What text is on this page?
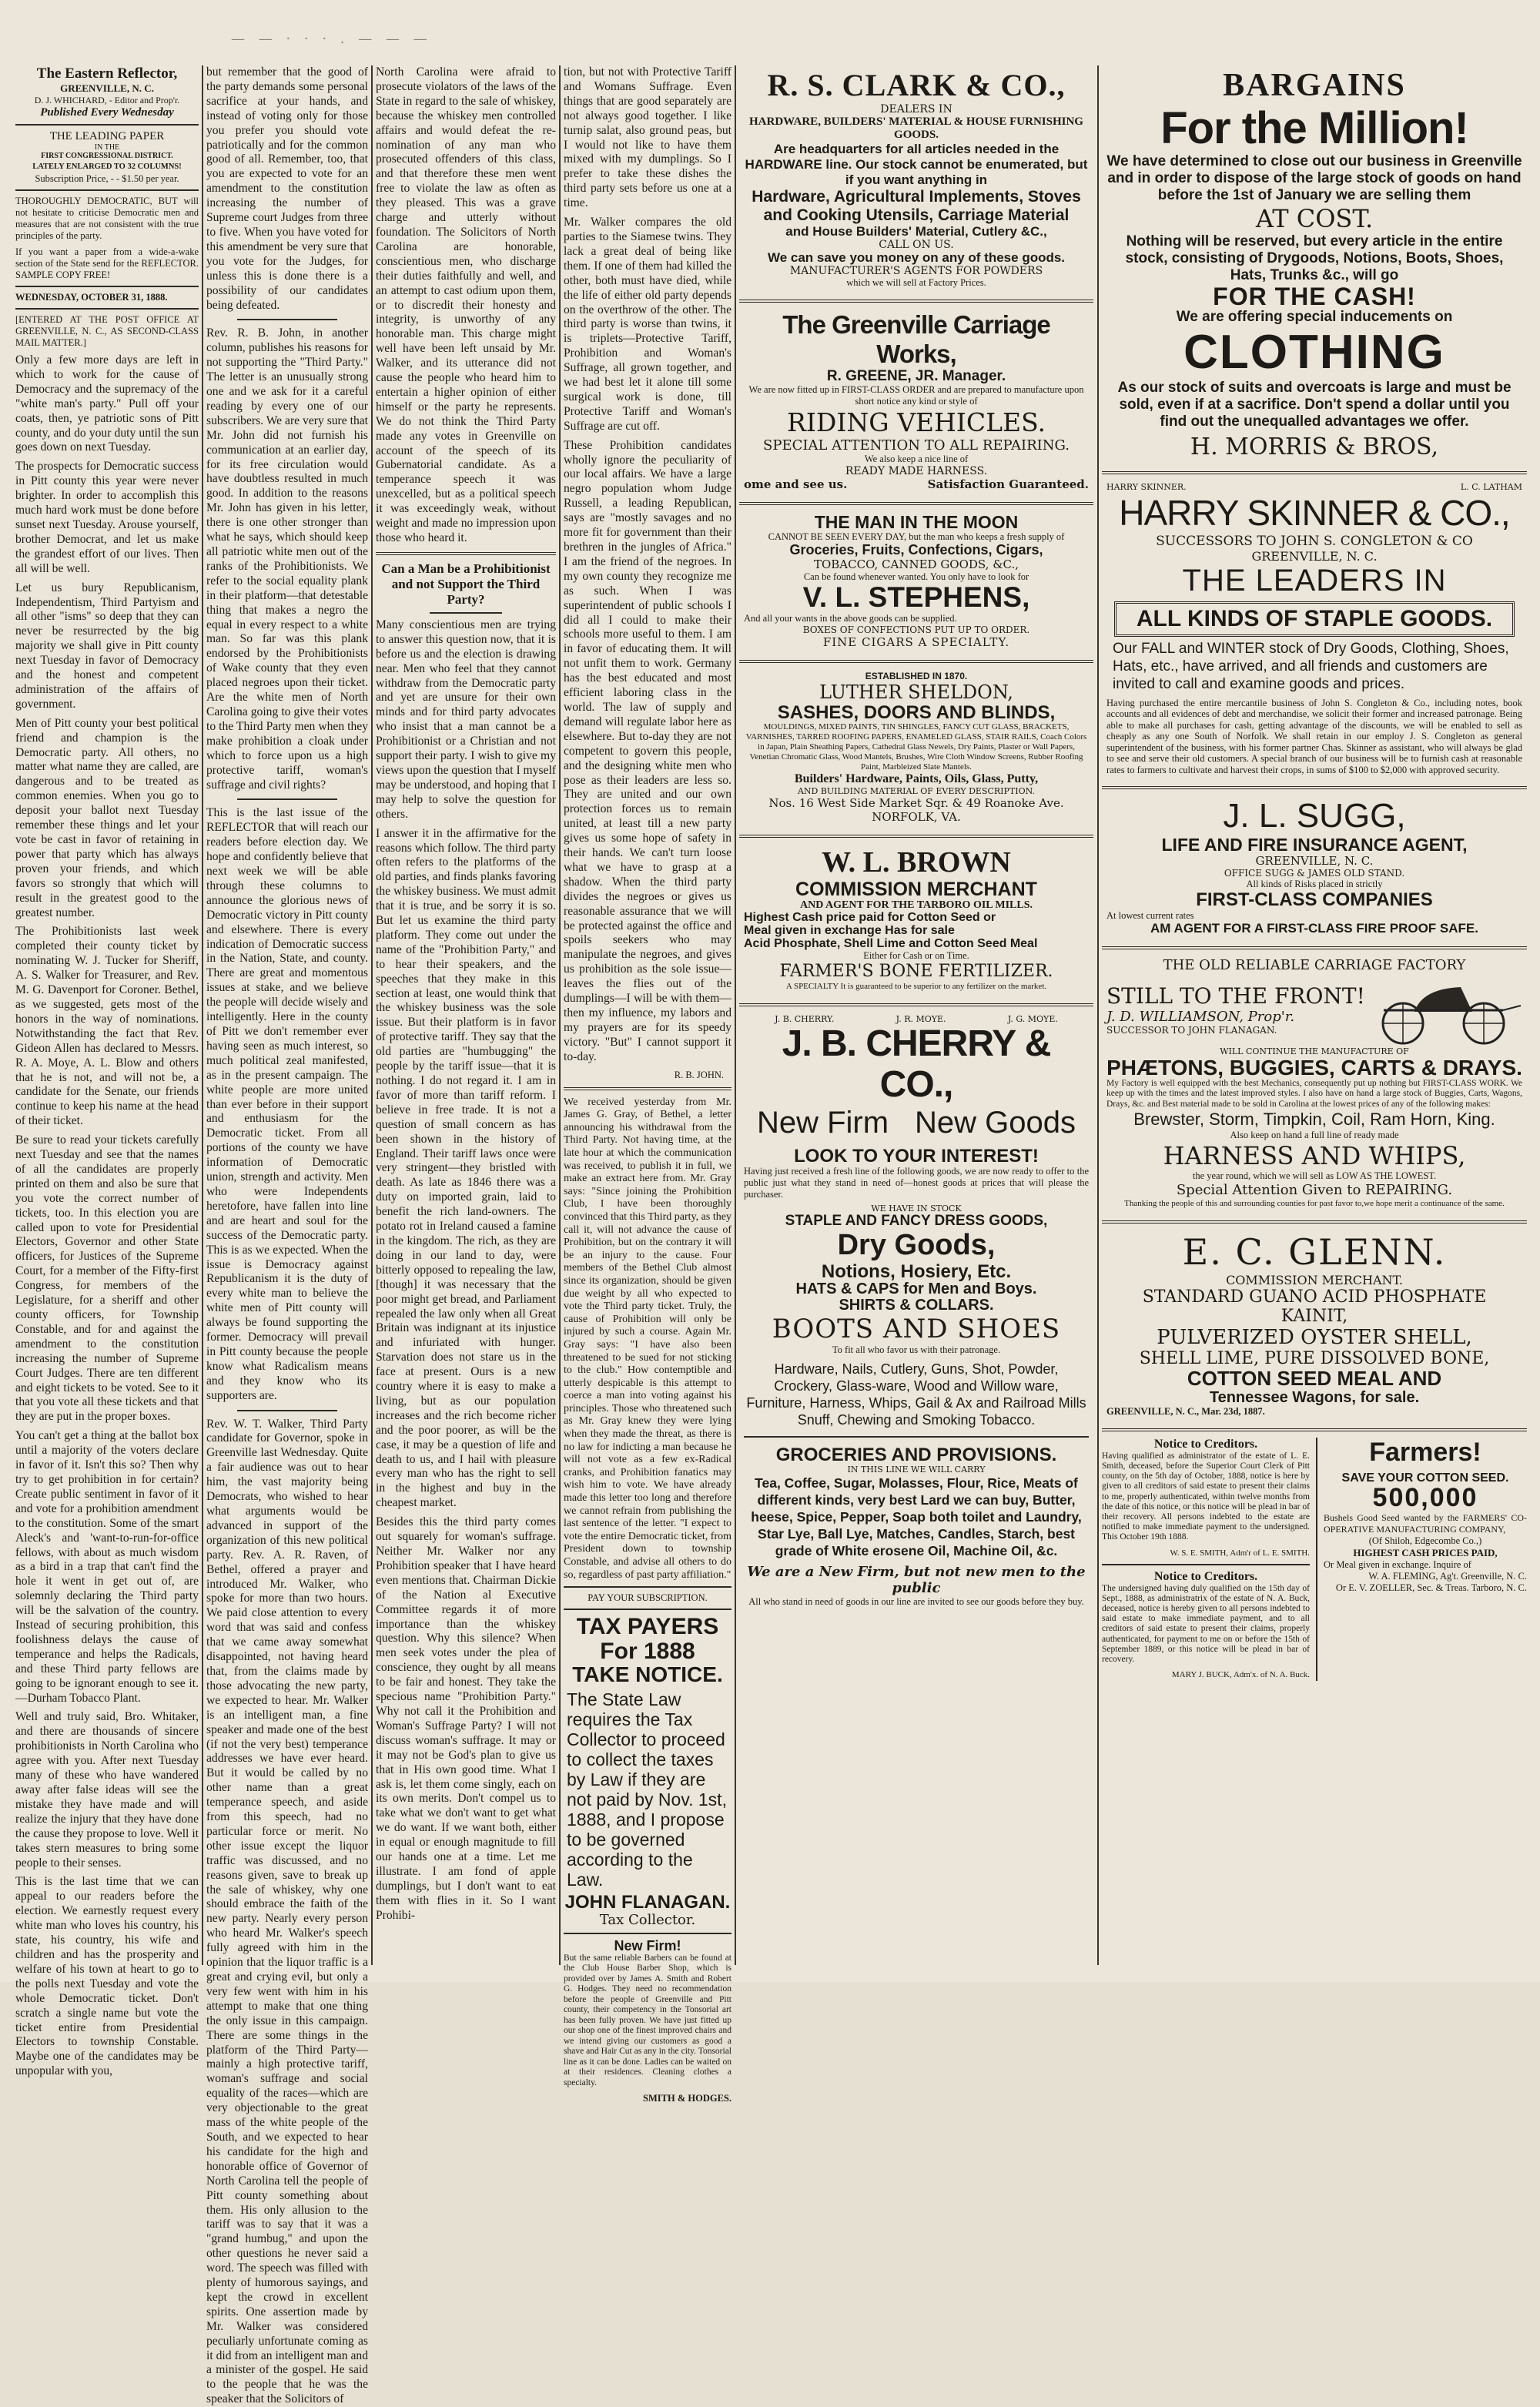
— — · · · . — — —
The Eastern Reflector,
GREENVILLE, N. C.
D. J. WHICHARD, - Editor and Prop'r.
Published Every Wednesday
THE LEADING PAPER
IN THE
FIRST CONGRESSIONAL DISTRICT.
LATELY ENLARGED TO 32 COLUMNS!
Subscription Price, - - $1.50 per year.

THOROUGHLY DEMOCRATIC, BUT will not hesitate to criticise Democratic men and measures that are not consistent with the true principles of the party.

If you want a paper from a wide-a-wake section of the State send for the REFLECTOR. SAMPLE COPY FREE!

WEDNESDAY, OCTOBER 31, 1888.

[ENTERED AT THE POST OFFICE AT GREENVILLE, N. C., AS SECOND-CLASS MAIL MATTER.]

Only a few more days are left in which to work for the cause of Democracy and the supremacy of the "white man's party." Pull off your coats, then, ye patriotic sons of Pitt county, and do your duty until the sun goes down on next Tuesday.

The prospects for Democratic success in Pitt county this year were never brighter. In order to accomplish this much hard work must be done before sunset next Tuesday. Arouse yourself, brother Democrat, and let us make the grandest effort of our lives. Then all will be well.

Let us bury Republicanism, Independentism, Third Partyism and all other "isms" so deep that they can never be resurrected by the big majority we shall give in Pitt county next Tuesday in favor of Democracy and the honest and competent administration of the affairs of government.

Men of Pitt county your best political friend and champion is the Democratic party. All others, no matter what name they are called, are dangerous and to be treated as common enemies. When you go to deposit your ballot next Tuesday remember these things and let your vote be cast in favor of retaining in power that party which has always proven your friends, and which favors so strongly that which will result in the greatest good to the greatest number.

The Prohibitionists last week completed their county ticket by nominating W. J. Tucker for Sheriff, A. S. Walker for Treasurer, and Rev. M. G. Davenport for Coroner. Bethel, as we suggested, gets most of the honors in the way of nominations. Notwithstanding the fact that Rev. Gideon Allen has declared to Messrs. R. A. Moye, A. L. Blow and others that he is not, and will not be, a candidate for the Senate, our friends continue to keep his name at the head of their ticket.

Be sure to read your tickets carefully next Tuesday and see that the names of all the candidates are properly printed on them and also be sure that you vote the correct number of tickets, too. In this election you are called upon to vote for Presidential Electors, Governor and other State officers, for Justices of the Supreme Court, for a member of the Fifty-first Congress, for members of the Legislature, for a sheriff and other county officers, for Township Constable, and for and against the amendment to the constitution increasing the number of Supreme Court Judges. There are ten different and eight tickets to be voted. See to it that you vote all these tickets and that they are put in the proper boxes.

You can't get a thing at the ballot box until a majority of the voters declare in favor of it. Isn't this so? Then why try to get prohibition in for certain? Create public sentiment in favor of it and vote for a prohibition amendment to the constitution. Some of the smart Aleck's and 'want-to-run-for-office fellows, with about as much wisdom as a bird in a trap that can't find the hole it went in get out of, are solemnly declaring the Third party will be the salvation of the country. Instead of securing prohibition, this foolishness delays the cause of temperance and helps the Radicals, and these Third party fellows are going to be ignorant enough to see it.—Durham Tobacco Plant.

Well and truly said, Bro. Whitaker, and there are thousands of sincere prohibitionists in North Carolina who agree with you. After next Tuesday many of these who have wandered away after false ideas will see the mistake they have made and will realize the injury that they have done the cause they propose to love. Well it takes stern measures to bring some people to their senses.

This is the last time that we can appeal to our readers before the election. We earnestly request every white man who loves his country, his state, his country, his wife and children and has the prosperity and welfare of his town at heart to go to the polls next Tuesday and vote the whole Democratic ticket. Don't scratch a single name but vote the ticket entire from Presidential Electors to township Constable. Maybe one of the candidates may be unpopular with you,

but remember that the good of the party demands some personal sacrifice at your hands, and instead of voting only for those you prefer you should vote patriotically and for the common good of all. Remember, too, that you are expected to vote for an amendment to the constitution increasing the number of Supreme court Judges from three to five. When you have voted for this amendment be very sure that you vote for the Judges, for unless this is done there is a possibility of our candidates being defeated.

Rev. R. B. John, in another column, publishes his reasons for not supporting the "Third Party." The letter is an unusually strong one and we ask for it a careful reading by every one of our subscribers. We are very sure that Mr. John did not furnish his communication at an earlier day, for its free circulation would have doubtless resulted in much good. In addition to the reasons Mr. John has given in his letter, there is one other stronger than what he says, which should keep all patriotic white men out of the ranks of the Prohibitionists. We refer to the social equality plank in their platform—that detestable thing that makes a negro the equal in every respect to a white man. So far was this plank endorsed by the Prohibitionists of Wake county that they even placed negroes upon their ticket. Are the white men of North Carolina going to give their votes to the Third Party men when they make prohibition a cloak under which to force upon us a high protective tariff, woman's suffrage and civil rights?

This is the last issue of the REFLECTOR that will reach our readers before election day. We hope and confidently believe that next week we will be able through these columns to announce the glorious news of Democratic victory in Pitt county and elsewhere. There is every indication of Democratic success in the Nation, State, and county. There are great and momentous issues at stake, and we believe the people will decide wisely and intelligently. Here in the county of Pitt we don't remember ever having seen as much interest, so much political zeal manifested, as in the present campaign. The white people are more united than ever before in their support and enthusiasm for the Democratic ticket. From all portions of the county we have information of Democratic union, strength and activity. Men who were Independents heretofore, have fallen into line and are heart and soul for the success of the Democratic party. This is as we expected. When the issue is Democracy against Republicanism it is the duty of every white man to believe the white men of Pitt county will always be found supporting the former. Democracy will prevail in Pitt county because the people know what Radicalism means and they know who its supporters are.

Rev. W. T. Walker, Third Party candidate for Governor, spoke in Greenville last Wednesday. Quite a fair audience was out to hear him, the vast majority being Democrats, who wished to hear what arguments would be advanced in support of the organization of this new political party. Rev. A. R. Raven, of Bethel, offered a prayer and introduced Mr. Walker, who spoke for more than two hours. We paid close attention to every word that was said and confess that we came away somewhat disappointed, not having heard that, from the claims made by those advocating the new party, we expected to hear. Mr. Walker is an intelligent man, a fine speaker and made one of the best (if not the very best) temperance addresses we have ever heard. But it would be called by no other name than a great temperance speech, and aside from this speech, had no particular force or merit. No other issue except the liquor traffic was discussed, and no reasons given, save to break up the sale of whiskey, why one should embrace the faith of the new party. Nearly every person who heard Mr. Walker's speech fully agreed with him in the opinion that the liquor traffic is a great and crying evil, but only a very few went with him in his attempt to make that one thing the only issue in this campaign. There are some things in the platform of the Third Party—mainly a high protective tariff, woman's suffrage and social equality of the races—which are very objectionable to the great mass of the white people of the South, and we expected to hear his candidate for the high and honorable office of Governor of North Carolina tell the people of Pitt county something about them. His only allusion to the tariff was to say that it was a "grand humbug," and upon the other questions he never said a word. The speech was filled with plenty of humorous sayings, and kept the crowd in excellent spirits. One assertion made by Mr. Walker was considered peculiarly unfortunate coming as it did from an intelligent man and a minister of the gospel. He said to the people that he was the speaker that the Solicitors of

North Carolina were afraid to prosecute violators of the laws of the State in regard to the sale of whiskey, because the whiskey men controlled affairs and would defeat the re-nomination of any man who prosecuted offenders of this class, and that therefore these men went free to violate the law as often as they pleased. This was a grave charge and utterly without foundation. The Solicitors of North Carolina are honorable, conscientious men, who discharge their duties faithfully and well, and an attempt to cast odium upon them, or to discredit their honesty and integrity, is unworthy of any honorable man. This charge might well have been left unsaid by Mr. Walker, and its utterance did not cause the people who heard him to entertain a higher opinion of either himself or the party he represents. We do not think the Third Party made any votes in Greenville on account of the speech of its Gubernatorial candidate. As a temperance speech it was unexcelled, but as a political speech it was exceedingly weak, without weight and made no impression upon those who heard it.

Can a Man be a Prohibitionist and not Support the Third Party?

Many conscientious men are trying to answer this question now, that it is before us and the election is drawing near. Men who feel that they cannot withdraw from the Democratic party and yet are unsure for their own minds and for third party advocates who insist that a man cannot be a Prohibitionist or a Christian and not support their party. I wish to give my views upon the question that I myself may be understood, and hoping that I may help to solve the question for others.

I answer it in the affirmative for the reasons which follow. The third party often refers to the platforms of the old parties, and finds planks favoring the whiskey business. We must admit that it is true, and be sorry it is so. But let us examine the third party platform. They come out under the name of the "Prohibition Party," and to hear their speakers, and the speeches that they make in this section at least, one would think that the whiskey business was the sole issue. But their platform is in favor of protective tariff. They say that the old parties are "humbugging" the people by the tariff issue—that it is nothing. I do not regard it. I am in favor of more than tariff reform. I believe in free trade. It is not a question of small concern as has been shown in the history of England. Their tariff laws once were very stringent—they bristled with death. As late as 1846 there was a duty on imported grain, laid to benefit the rich land-owners. The potato rot in Ireland caused a famine in the kingdom. The rich, as they are doing in our land to day, were bitterly opposed to repealing the law, [though] it was necessary that the poor might get bread, and Parliament repealed the law only when all Great Britain was indignant at its injustice and infuriated with hunger. Starvation does not stare us in the face at present. Ours is a new country where it is easy to make a living, but as our population increases and the rich become richer and the poor poorer, as will be the case, it may be a question of life and death to us, and I hail with pleasure every man who has the right to sell in the highest and buy in the cheapest market.

Besides this the third party comes out squarely for woman's suffrage. Neither Mr. Walker nor any Prohibition speaker that I have heard even mentions that. Chairman Dickie of the Nation al Executive Committee regards it of more importance than the whiskey question. Why this silence? When men seek votes under the plea of conscience, they ought by all means to be fair and honest. They take the specious name "Prohibition Party." Why not call it the Prohibition and Woman's Suffrage Party? I will not discuss woman's suffrage. It may or it may not be God's plan to give us that in His own good time. What I ask is, let them come singly, each on its own merits. Don't compel us to take what we don't want to get what we do want. If we want both, either in equal or enough magnitude to fill our hands one at a time. Let me illustrate. I am fond of apple dumplings, but I don't want to eat them with flies in it. So I want Prohibi-

tion, but not with Protective Tariff and Womans Suffrage. Even things that are good separately are not always good together. I like turnip salat, also ground peas, but I would not like to have them mixed with my dumplings. So I prefer to take these dishes the third party sets before us one at a time.

Mr. Walker compares the old parties to the Siamese twins. They lack a great deal of being like them. If one of them had killed the other, both must have died, while the life of either old party depends on the overthrow of the other. The third party is worse than twins, it is triplets—Protective Tariff, Prohibition and Woman's Suffrage, all grown together, and we had best let it alone till some surgical work is done, till Protective Tariff and Woman's Suffrage are cut off.

These Prohibition candidates wholly ignore the peculiarity of our local affairs. We have a large negro population whom Judge Russell, a leading Republican, says are "mostly savages and no more fit for government than their brethren in the jungles of Africa." I am the friend of the negroes. In my own county they recognize me as such. When I was superintendent of public schools I did all I could to make their schools more useful to them. I am in favor of educating them. It will not unfit them to work. Germany has the best educated and most efficient laboring class in the world. The law of supply and demand will regulate labor here as elsewhere. But to-day they are not competent to govern this people, and the designing white men who pose as their leaders are less so. They are united and our own protection forces us to remain united, at least till a new party gives us some hope of safety in their hands. We can't turn loose what we have to grasp at a shadow. When the third party divides the negroes or gives us reasonable assurance that we will be protected against the office and spoils seekers who may manipulate the negroes, and gives us prohibition as the sole issue—leaves the flies out of the dumplings—I will be with them—then my influence, my labors and my prayers are for its speedy victory. "But" I cannot support it to-day.

R. B. JOHN.

We received yesterday from Mr. James G. Gray, of Bethel, a letter announcing his withdrawal from the Third Party. Not having time, at the late hour at which the communication was received, to publish it in full, we make an extract here from. Mr. Gray says: "Since joining the Prohibition Club, I have been thoroughly convinced that this Third party, as they call it, will not advance the cause of Prohibition, but on the contrary it will be an injury to the cause. Four members of the Bethel Club almost since its organization, should be given due weight by all who expected to vote the Third party ticket. Truly, the cause of Prohibition will only be injured by such a course. Again Mr. Gray says: "I have also been threatened to be sued for not sticking to the club." How contemptible and utterly despicable is this attempt to coerce a man into voting against his principles. Those who threatened such as Mr. Gray knew they were lying when they made the threat, as there is no law for indicting a man because he will not vote as a few ex-Radical cranks, and Prohibition fanatics may wish him to vote. We have already made this letter too long and therefore we cannot refrain from publishing the last sentence of the letter. "I expect to vote the entire Democratic ticket, from President down to township Constable, and advise all others to do so, regardless of past party affiliation."

PAY YOUR SUBSCRIPTION.
TAX PAYERS
For 1888
TAKE NOTICE.

The State Law requires the Tax Collector to proceed to collect the taxes by Law if they are not paid by Nov. 1st, 1888, and I propose to be governed according to the Law.

JOHN FLANAGAN.
Tax Collector.
New Firm!

But the same reliable Barbers can be found at the Club House Barber Shop, which is provided over by James A. Smith and Robert G. Hodges. They need no recommendation before the people of Greenville and Pitt county, their competency in the Tonsorial art has been fully proven. We have just fitted up our shop one of the finest improved chairs and we intend giving our customers as good a shave and Hair Cut as any in the city. Tonsorial line as it can be done. Ladies can be waited on at their residences. Cleaning clothes a specialty.

SMITH & HODGES.
R. S. CLARK & CO.,
DEALERS IN
HARDWARE, BUILDERS' MATERIAL & HOUSE FURNISHING GOODS.
Are headquarters for all articles needed in the HARDWARE line. Our stock cannot be enumerated, but if you want anything in
Hardware, Agricultural Implements, Stoves and Cooking Utensils, Carriage Material
and House Builders' Material, Cutlery &C.,
CALL ON US.
We can save you money on any of these goods.
MANUFACTURER'S AGENTS FOR POWDERS
which we will sell at Factory Prices.
The Greenville Carriage Works,
R. GREENE, JR. Manager.
We are now fitted up in FIRST-CLASS ORDER and are prepared to manufacture upon short notice any kind or style of
RIDING VEHICLES.
SPECIAL ATTENTION TO ALL REPAIRING.
We also keep a nice line of
READY MADE HARNESS.
ome and see us.	Satisfaction Guaranteed.
THE MAN IN THE MOON
CANNOT BE SEEN EVERY DAY, but the man who keeps a fresh supply of
Groceries, Fruits, Confections, Cigars,
TOBACCO, CANNED GOODS, &C.,
Can be found whenever wanted. You only have to look for
V. L. STEPHENS,
And all your wants in the above goods can be supplied.
BOXES OF CONFECTIONS PUT UP TO ORDER.
FINE CIGARS A SPECIALTY.
ESTABLISHED IN 1870.
LUTHER SHELDON,
SASHES, DOORS AND BLINDS,
MOULDINGS, MIXED PAINTS, TIN SHINGLES, FANCY CUT GLASS, BRACKETS, VARNISHES, TARRED ROOFING PAPERS, ENAMELED GLASS, STAIR RAILS, Coach Colors in Japan, Plain Sheathing Papers, Cathedral Glass Newels, Dry Paints, Plaster or Wall Papers, Venetian Chromatic Glass, Wood Mantels, Brushes, Wire Cloth Window Screens, Rubber Roofing Paint, Marbleized Slate Mantels.
Builders' Hardware, Paints, Oils, Glass, Putty,
AND BUILDING MATERIAL OF EVERY DESCRIPTION.
Nos. 16 West Side Market Sqr. & 49 Roanoke Ave.
NORFOLK, VA.
W. L. BROWN
COMMISSION MERCHANT
AND AGENT FOR THE TARBORO OIL MILLS.
Highest Cash price paid for Cotton Seed or
Meal given in exchange Has for sale
Acid Phosphate, Shell Lime and Cotton Seed Meal
Either for Cash or on Time.
FARMER'S BONE FERTILIZER.
A SPECIALTY It is guaranteed to be superior to any fertilizer on the market.
J. B. CHERRY.	J. R. MOYE.	J. G. MOYE.
J. B. CHERRY & CO.,
New Firm New Goods
LOOK TO YOUR INTEREST!
Having just received a fresh line of the following goods, we are now ready to offer to the public just what they stand in need of—honest goods at prices that will please the purchaser.
WE HAVE IN STOCK
STAPLE AND FANCY DRESS GOODS,
Dry Goods,
Notions, Hosiery, Etc.
HATS & CAPS for Men and Boys.
SHIRTS & COLLARS.
BOOTS AND SHOES
To fit all who favor us with their patronage.
Hardware, Nails, Cutlery, Guns, Shot, Powder, Crockery, Glass-ware, Wood and Willow ware, Furniture, Harness, Whips, Gail & Ax and Railroad Mills Snuff, Chewing and Smoking Tobacco.
GROCERIES AND PROVISIONS.
IN THIS LINE WE WILL CARRY
Tea, Coffee, Sugar, Molasses, Flour, Rice, Meats of different kinds, very best Lard we can buy, Butter, heese, Spice, Pepper, Soap both toilet and Laundry, Star Lye, Ball Lye, Matches, Candles, Starch, best grade of White erosene Oil, Machine Oil, &c.
We are a New Firm, but not new men to the public
All who stand in need of goods in our line are invited to see our goods before they buy.
BARGAINS
For the Million!
We have determined to close out our business in Greenville and in order to dispose of the large stock of goods on hand before the 1st of January we are selling them
AT COST.
Nothing will be reserved, but every article in the entire stock, consisting of Drygoods, Notions, Boots, Shoes, Hats, Trunks &c., will go
FOR THE CASH!
We are offering special inducements on
CLOTHING
As our stock of suits and overcoats is large and must be sold, even if at a sacrifice. Don't spend a dollar until you find out the unequalled advantages we offer.
H. MORRIS & BROS,
HARRY SKINNER.	L. C. LATHAM
HARRY SKINNER & CO.,
SUCCESSORS TO JOHN S. CONGLETON & CO
GREENVILLE, N. C.
THE LEADERS IN
ALL KINDS OF STAPLE GOODS.
Our FALL and WINTER stock of Dry Goods, Clothing, Shoes, Hats, etc., have arrived, and all friends and customers are invited to call and examine goods and prices.
Having purchased the entire mercantile business of John S. Congleton & Co., including notes, book accounts and all evidences of debt and merchandise, we solicit their former and increased patronage. Being able to make all purchases for cash, getting advantage of the discounts, we will be enabled to sell as cheaply as any one South of Norfolk. We shall retain in our employ J. S. Congleton as general superintendent of the business, with his former partner Chas. Skinner as assistant, who will always be glad to see and serve their old customers. A special branch of our business will be to furnish cash at reasonable rates to farmers to cultivate and harvest their crops, in sums of $100 to $2,000 with approved security.
J. L. SUGG,
LIFE AND FIRE INSURANCE AGENT,
GREENVILLE, N. C.
OFFICE SUGG & JAMES OLD STAND.
All kinds of Risks placed in strictly
FIRST-CLASS COMPANIES
At lowest current rates
AM AGENT FOR A FIRST-CLASS FIRE PROOF SAFE.
THE OLD RELIABLE CARRIAGE FACTORY
STILL TO THE FRONT!
J. D. WILLIAMSON, Prop'r.
SUCCESSOR TO JOHN FLANAGAN.
WILL CONTINUE THE MANUFACTURE OF
PHÆTONS, BUGGIES, CARTS & DRAYS.
My Factory is well equipped with the best Mechanics, consequently put up nothing but FIRST-CLASS WORK. We keep up with the times and the latest improved styles. I also have on hand a large stock of Buggies, Carts, Wagons, Drays, &c. and Best material made to be sold in Carolina at the lowest prices of any of the following makes:
Brewster, Storm, Timpkin, Coil, Ram Horn, King.
Also keep on hand a full line of ready made
HARNESS AND WHIPS,
the year round, which we will sell as LOW AS THE LOWEST.
Special Attention Given to REPAIRING.
Thanking the people of this and surrounding counties for past favor to,we hope merit a continuance of the same.
E. C. GLENN.
COMMISSION MERCHANT.
STANDARD GUANO ACID PHOSPHATE KAINIT,
PULVERIZED OYSTER SHELL,
SHELL LIME, PURE DISSOLVED BONE,
COTTON SEED MEAL AND
Tennessee Wagons, for sale.
GREENVILLE, N. C., Mar. 23d, 1887.
Notice to Creditors.

Having qualified as administrator of the estate of L. E. Smith, deceased, before the Superior Court Clerk of Pitt county, on the 5th day of October, 1888, notice is here by given to all creditors of said estate to present their claims to me, properly authenticated, within twelve months from the date of this notice, or this notice will be plead in bar of their recovery. All persons indebted to the estate are notified to make immediate payment to the undersigned. This October 19th 1888.

W. S. E. SMITH, Adm'r of L. E. SMITH.
Notice to Creditors.

The undersigned having duly qualified on the 15th day of Sept., 1888, as administratrix of the estate of N. A. Buck, deceased, notice is hereby given to all persons indebted to said estate to make immediate payment, and to all creditors of said estate to present their claims, properly authenticated, for payment to me on or before the 15th of September 1889, or this notice will be plead in bar of recovery.

MARY J. BUCK, Adm'x. of N. A. Buck.
Farmers!
SAVE YOUR COTTON SEED.
500,000
Bushels Good Seed wanted by the FARMERS' CO-OPERATIVE MANUFACTURING COMPANY,
(Of Shiloh, Edgecombe Co.,)
HIGHEST CASH PRICES PAID,
Or Meal given in exchange. Inquire of
W. A. FLEMING, Ag't. Greenville, N. C.
Or E. V. ZOELLER, Sec. & Treas. Tarboro, N. C.
